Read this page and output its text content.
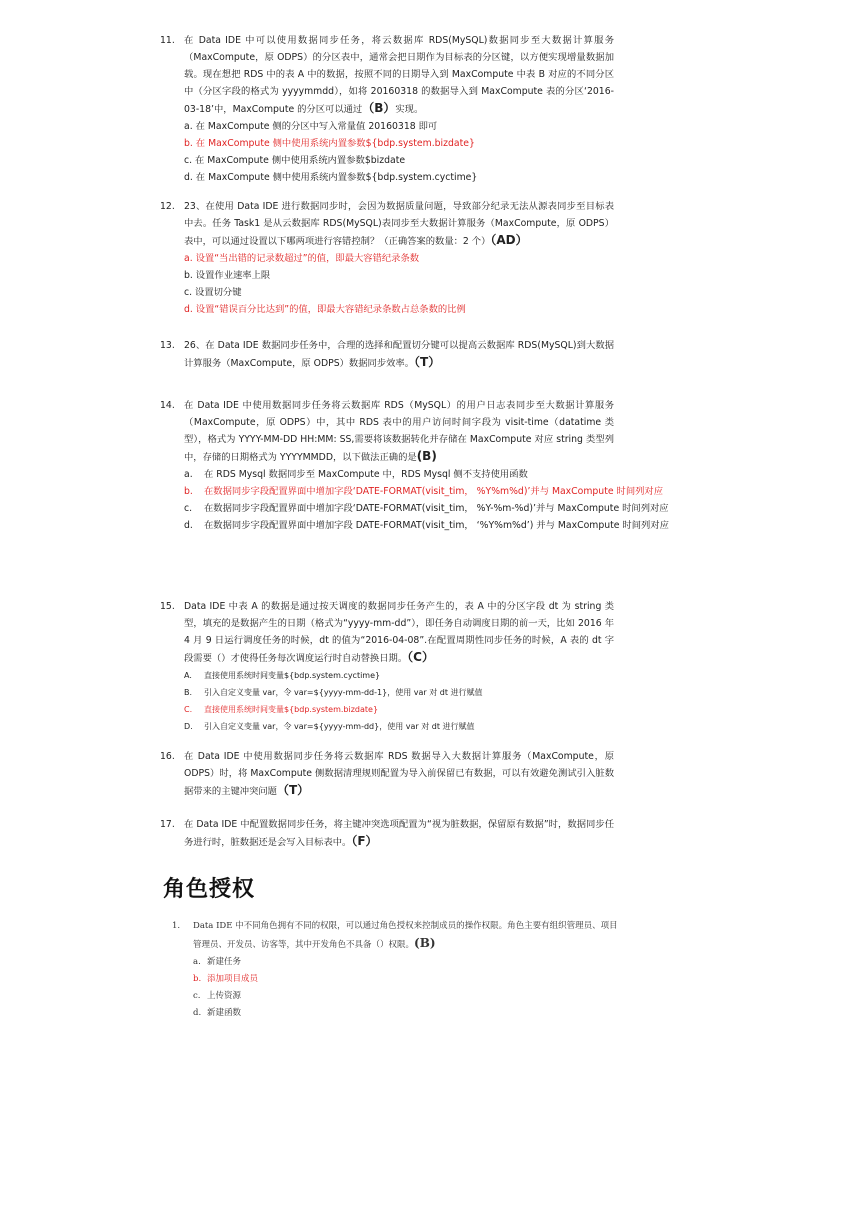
11. 在 Data IDE 中可以使用数据同步任务，将云数据库 RDS(MySQL)数据同步至大数据计算服务（MaxCompute，原 ODPS）的分区表中，通常会把日期作为目标表的分区键，以方便实现增量数据加载。现在想把 RDS 中的表 A 中的数据，按照不同的日期导入到 MaxCompute 中表 B 对应的不同分区中（分区字段的格式为 yyyymmdd），如将 20160318 的数据导入到 MaxCompute 表的分区‘2016-03-18’中，MaxCompute 的分区可以通过（B）实现。
a. 在 MaxCompute 侧的分区中写入常量值 20160318 即可
b. 在 MaxCompute 侧中使用系统内置参数${bdp.system.bizdate}
c. 在 MaxCompute 侧中使用系统内置参数$bizdate
d. 在 MaxCompute 侧中使用系统内置参数${bdp.system.cyctime}
12. 23、在使用 Data IDE 进行数据同步时，会因为数据质量问题，导致部分纪录无法从源表同步至目标表中去。任务 Task1 是从云数据库 RDS(MySQL)表同步至大数据计算服务（MaxCompute，原 ODPS）表中，可以通过设置以下哪两项进行容错控制？（正确答案的数量：2 个）（AD）
a. 设置“当出错的记录数超过”的值，即最大容错纪录条数
b. 设置作业速率上限
c. 设置切分键
d. 设置“错误百分比达到”的值，即最大容错纪录条数占总条数的比例
13. 26、在 Data IDE 数据同步任务中，合理的选择和配置切分键可以提高云数据库 RDS(MySQL)到大数据计算服务（MaxCompute，原 ODPS）数据同步效率。（T）
14. 在 Data IDE 中使用数据同步任务将云数据库 RDS（MySQL）的用户日志表同步至大数据计算服务（MaxCompute，原 ODPS）中，其中 RDS 表中的用户访问时间字段为 visit-time（datatime 类型），格式为 YYYY-MM-DD HH:MM: SS,需要将该数据转化并存储在 MaxCompute 对应 string 类型列中，存储的日期格式为 YYYYMMDD，以下做法正确的是(B)
a.	在 RDS Mysql 数据同步至 MaxCompute 中，RDS Mysql 侧不支持使用函数
b.	在数据同步字段配置界面中增加字段‘DATE-FORMAT(visit_tim， %Y%m%d)’并与 MaxCompute 时间列对应
c.	在数据同步字段配置界面中增加字段‘DATE-FORMAT(visit_tim， %Y-%m-%d)’并与 MaxCompute 时间列对应
d.	在数据同步字段配置界面中增加字段 DATE-FORMAT(visit_tim， ‘%Y%m%d’) 并与 MaxCompute 时间列对应
15. Data IDE 中表 A 的数据是通过按天调度的数据同步任务产生的，表 A 中的分区字段 dt 为 string 类型，填充的是数据产生的日期（格式为“yyyy-mm-dd”），即任务自动调度日期的前一天，比如 2016 年 4 月 9 日运行调度任务的时候，dt 的值为“2016-04-08”.在配置周期性同步任务的时候，A 表的 dt 字段需要（）才使得任务每次调度运行时自动替换日期。（C）
A. 直接使用系统时间变量${bdp.system.cyctime}
B. 引入自定义变量 var，令 var=${yyyy-mm-dd-1}，使用 var 对 dt 进行赋值
C. 直接使用系统时间变量${bdp.system.bizdate}
D. 引入自定义变量 var，令 var=${yyyy-mm-dd}，使用 var 对 dt 进行赋值
16. 在 Data IDE 中使用数据同步任务将云数据库 RDS 数据导入大数据计算服务（MaxCompute，原 ODPS）时，将 MaxCompute 侧数据清理规则配置为导入前保留已有数据，可以有效避免测试引入脏数据带来的主键冲突问题（T）
17. 在 Data IDE 中配置数据同步任务，将主键冲突选项配置为“视为脏数据，保留原有数据”时，数据同步任务进行时，脏数据还是会写入目标表中。（F）
角色授权
1. Data IDE 中不同角色拥有不同的权限，可以通过角色授权来控制成员的操作权限。角色主要有组织管理员、项目管理员、开发员、访客等，其中开发角色不具备（）权限。(B)
a. 新建任务
b. 添加项目成员
c. 上传资源
d. 新建函数
